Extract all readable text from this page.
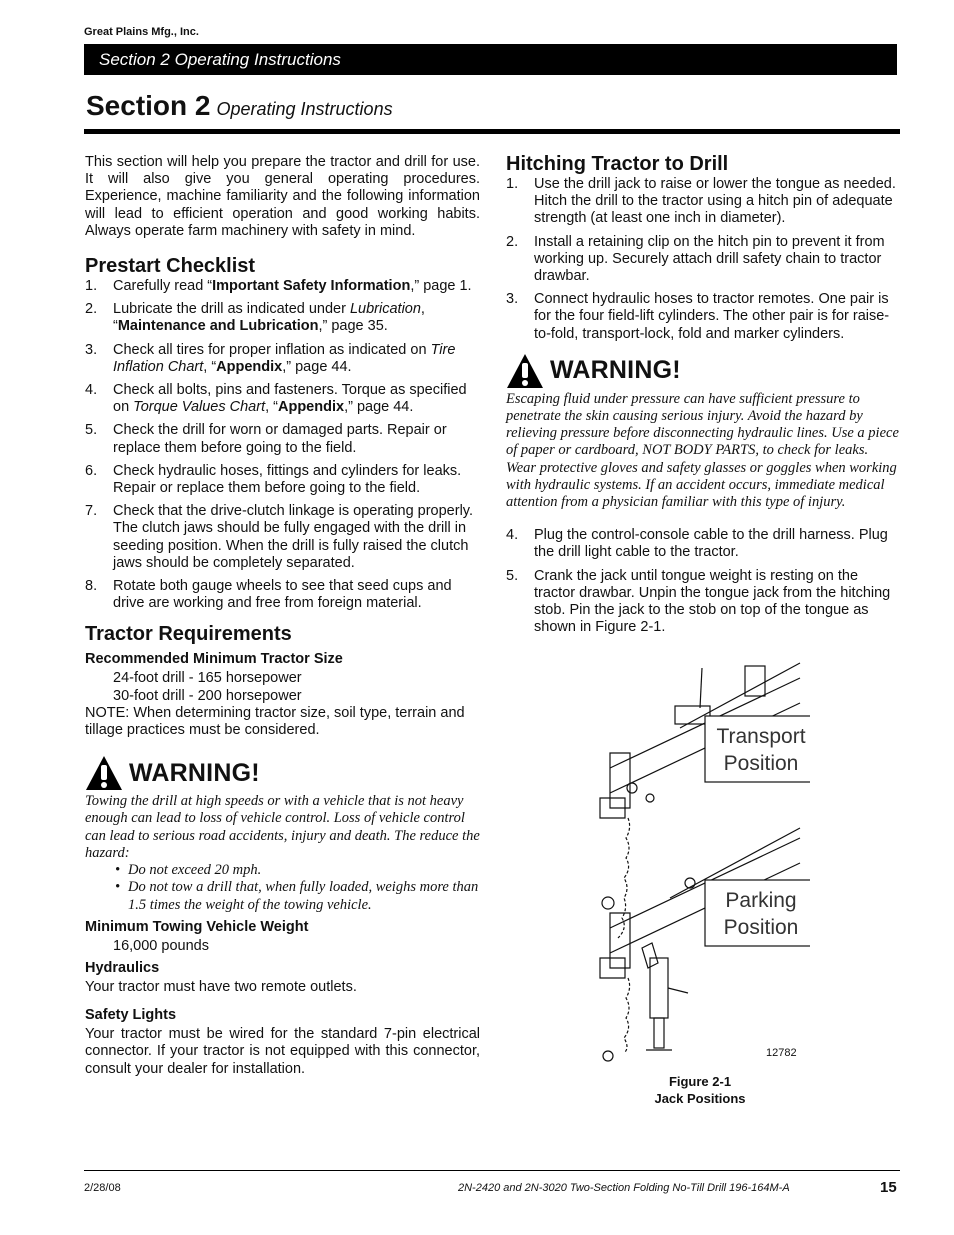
Great Plains Mfg., Inc.
Section 2 Operating Instructions
Section 2 Operating Instructions

This section will help you prepare the tractor and drill for use. It will also give you general operating procedures. Experience, machine familiarity and the following information will lead to efficient operation and good working habits. Always operate farm machinery with safety in mind.

Prestart Checklist
1.	Carefully read “Important Safety Information,” page 1.
2.	Lubricate the drill as indicated under Lubrication, “Maintenance and Lubrication,” page 35.
3.	Check all tires for proper inflation as indicated on Tire Inflation Chart, “Appendix,” page 44.
4.	Check all bolts, pins and fasteners. Torque as specified on Torque Values Chart, “Appendix,” page 44.
5.	Check the drill for worn or damaged parts. Repair or replace them before going to the field.
6.	Check hydraulic hoses, fittings and cylinders for leaks. Repair or replace them before going to the field.
7.	Check that the drive-clutch linkage is operating properly. The clutch jaws should be fully engaged with the drill in seeding position. When the drill is fully raised the clutch jaws should be completely separated.
8.	Rotate both gauge wheels to see that seed cups and drive are working and free from foreign material.
Tractor Requirements
Recommended Minimum Tractor Size

24-foot drill - 165 horsepower

30-foot drill - 200 horsepower

NOTE: When determining tractor size, soil type, terrain and tillage practices must be considered.

WARNING!
Towing the drill at high speeds or with a vehicle that is not heavy enough can lead to loss of vehicle control. Loss of vehicle control can lead to serious road accidents, injury and death. The reduce the hazard:
• Do not exceed 20 mph.
• Do not tow a drill that, when fully loaded, weighs more than 1.5 times the weight of the towing vehicle.
Minimum Towing Vehicle Weight

16,000 pounds

Hydraulics

Your tractor must have two remote outlets.

Safety Lights

Your tractor must be wired for the standard 7-pin electrical connector. If your tractor is not equipped with this connector, consult your dealer for installation.

Hitching Tractor to Drill
1.	Use the drill jack to raise or lower the tongue as needed. Hitch the drill to the tractor using a hitch pin of adequate strength (at least one inch in diameter).
2.	Install a retaining clip on the hitch pin to prevent it from working up. Securely attach drill safety chain to tractor drawbar.
3.	Connect hydraulic hoses to tractor remotes. One pair is for the four field-lift cylinders. The other pair is for raise-to-fold, transport-lock, fold and marker cylinders.
WARNING!
Escaping fluid under pressure can have sufficient pressure to penetrate the skin causing serious injury. Avoid the hazard by relieving pressure before disconnecting hydraulic lines. Use a piece of paper or cardboard, NOT BODY PARTS, to check for leaks. Wear protective gloves and safety glasses or goggles when working with hydraulic systems. If an accident occurs, immediate medical attention from a physician familiar with this type of injury.
4.	Plug the control-console cable to the drill harness. Plug the drill light cable to the tractor.
5.	Crank the jack until tongue weight is resting on the tractor drawbar. Unpin the tongue jack from the hitching stob. Pin the jack to the stob on top of the tongue as shown in Figure 2-1.
Transport
Position
Parking
Position
12782
Figure 2-1
Jack Positions
2/28/08	2N-2420 and 2N-3020 Two-Section Folding No-Till Drill 196-164M-A	15
